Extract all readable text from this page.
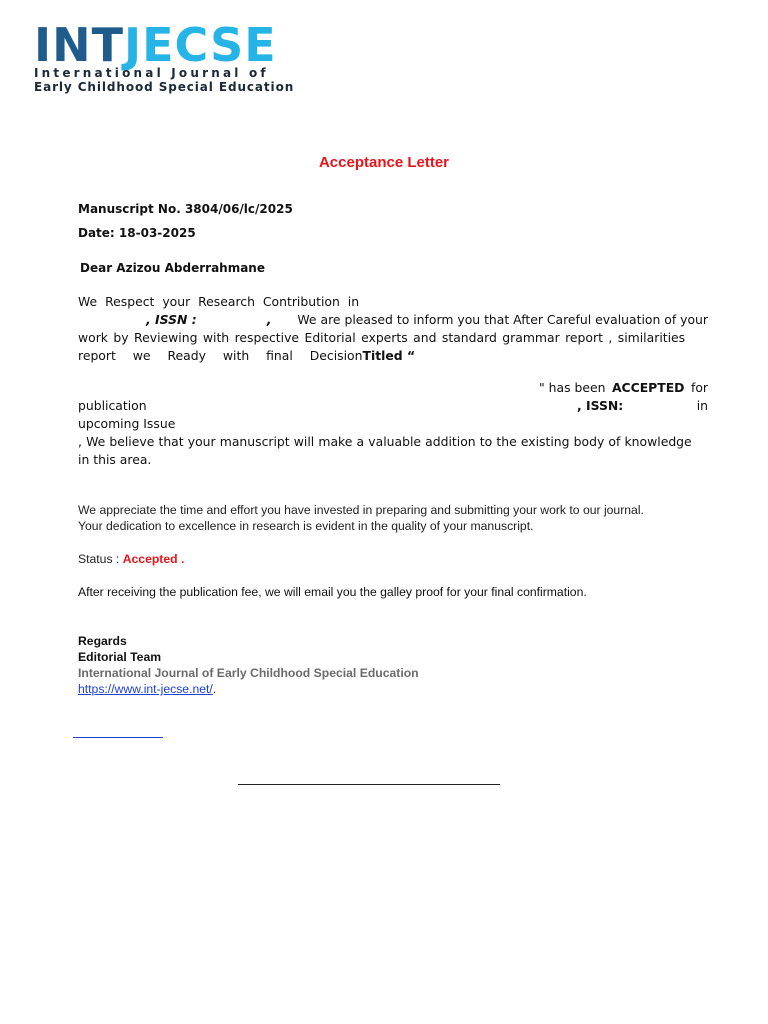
INTJECSE
International Journal of
Early Childhood Special Education
Acceptance Letter
Manuscript No. 3804/06/lc/2025
Date: 18-03-2025
Dear Azizou Abderrahmane
We Respect your Research Contribution in
, ISSN :	,	We are pleased to inform you that After Careful evaluation of your
work by Reviewing with respective Editorial experts and standard grammar report , similarities
report we Ready with final Decision Titled “
" has been ACCEPTED for
publication	, ISSN:	in
upcoming Issue
, We believe that your manuscript will make a valuable addition to the existing body of knowledge
in this area.
We appreciate the time and effort you have invested in preparing and submitting your work to our journal.
Your dedication to excellence in research is evident in the quality of your manuscript.
Status : Accepted .
After receiving the publication fee, we will email you the galley proof for your final confirmation.
Regards
Editorial Team
International Journal of Early Childhood Special Education
https://www.int-jecse.net/.
